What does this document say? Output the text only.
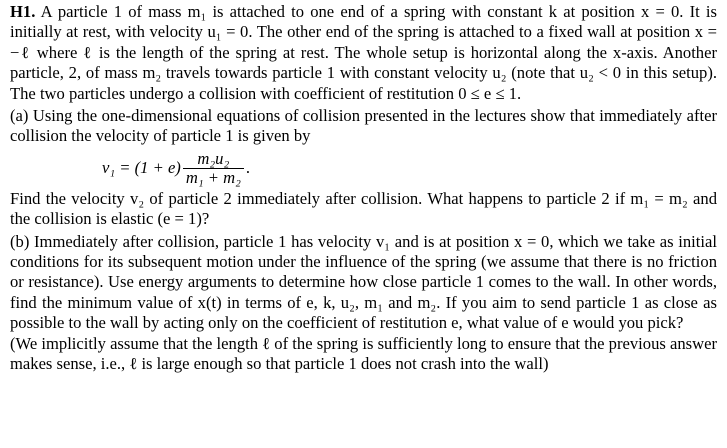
H1. A particle 1 of mass m₁ is attached to one end of a spring with constant k at position x = 0. It is initially at rest, with velocity u₁ = 0. The other end of the spring is attached to a fixed wall at position x = −ℓ where ℓ is the length of the spring at rest. The whole setup is horizontal along the x-axis. Another particle, 2, of mass m₂ travels towards particle 1 with constant velocity u₂ (note that u₂ < 0 in this setup). The two particles undergo a collision with coefficient of restitution 0 ≤ e ≤ 1.

(a) Using the one-dimensional equations of collision presented in the lectures show that immediately after collision the velocity of particle 1 is given by

$v_1 = (1 + e) \frac{\text{m₂u₂}}{\text{m₁ + m₂}}$ .

Find the velocity v₂ of particle 2 immediately after collision. What happens to particle 2 if m₁ = m₂ and the collision is elastic (e = 1)?

(b) Immediately after collision, particle 1 has velocity v₁ and is at position x = 0, which we take as initial conditions for its subsequent motion under the influence of the spring (we assume that there is no friction or resistance). Use energy arguments to determine how close particle 1 comes to the wall. In other words, find the minimum value of x(t) in terms of e, k, u₂, m₁ and m₂. If you aim to send particle 1 as close as possible to the wall by acting only on the coefficient of restitution e, what value of e would you pick?

(We implicitly assume that the length ℓ of the spring is sufficiently long to ensure that the previous answer makes sense, i.e., ℓ is large enough so that particle 1 does not crash into the wall)
